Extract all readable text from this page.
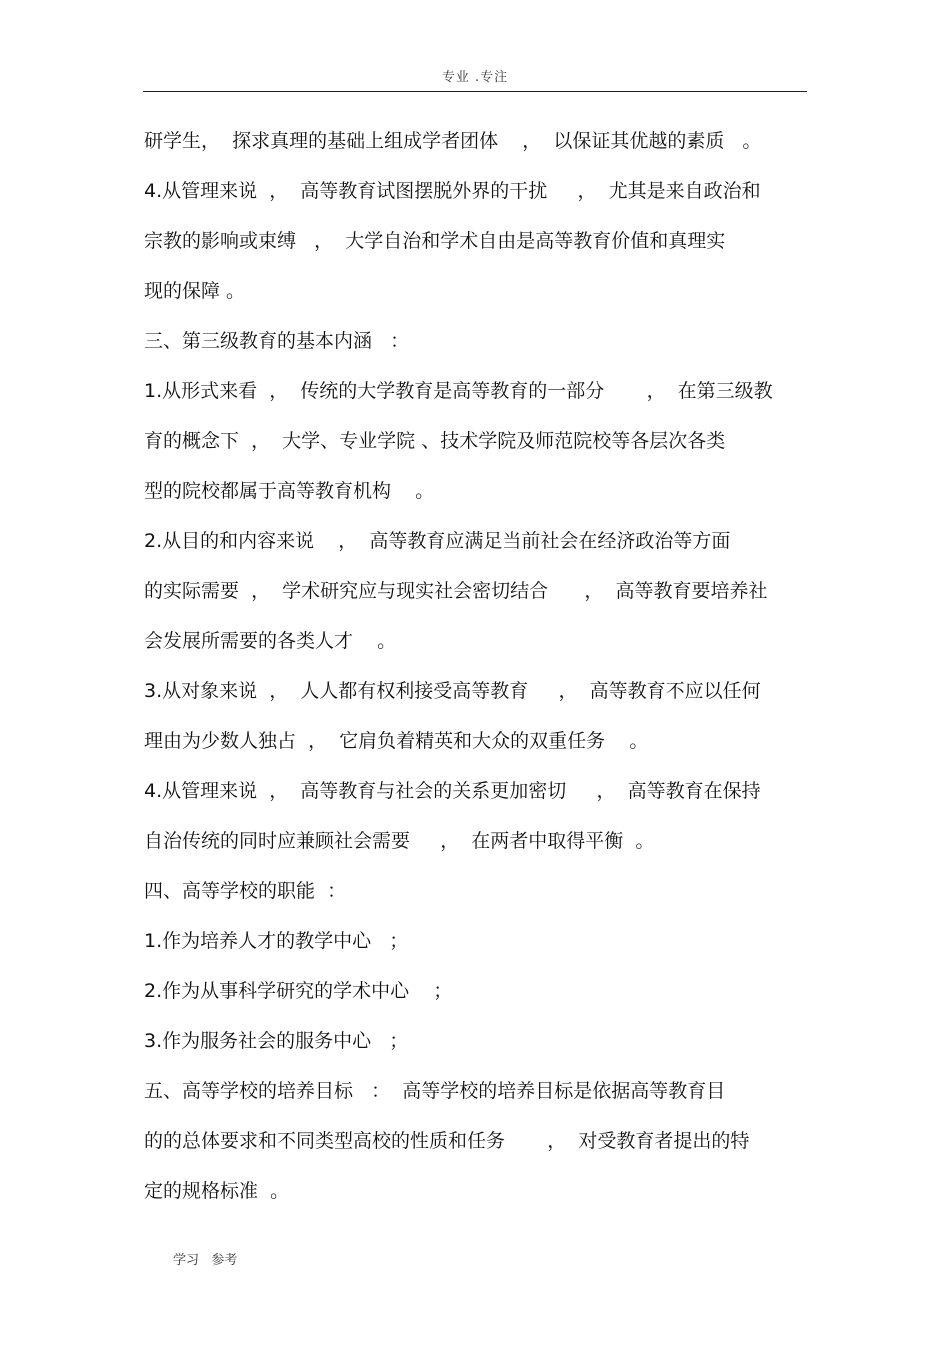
专业 .专注
研学生，  探求真理的基础上组成学者团体    ，  以保证其优越的素质   。
4.从管理来说  ，  高等教育试图摆脱外界的干扰     ，  尤其是来自政治和
宗教的影响或束缚   ，  大学自治和学术自由是高等教育价值和真理实
现的保障 。
三、第三级教育的基本内涵   ：
1.从形式来看  ，  传统的大学教育是高等教育的一部分       ，  在第三级教
育的概念下  ，  大学、专业学院 、技术学院及师范院校等各层次各类
型的院校都属于高等教育机构    。
2.从目的和内容来说    ，  高等教育应满足当前社会在经济政治等方面
的实际需要  ，  学术研究应与现实社会密切结合      ，  高等教育要培养社
会发展所需要的各类人才    。
3.从对象来说  ，  人人都有权利接受高等教育     ，  高等教育不应以任何
理由为少数人独占  ，  它肩负着精英和大众的双重任务    。
4.从管理来说  ，  高等教育与社会的关系更加密切     ，  高等教育在保持
自治传统的同时应兼顾社会需要     ，  在两者中取得平衡  。
四、高等学校的职能  ：
1.作为培养人才的教学中心   ；
2.作为从事科学研究的学术中心    ；
3.作为服务社会的服务中心   ；
五、高等学校的培养目标   ：  高等学校的培养目标是依据高等教育目
的的总体要求和不同类型高校的性质和任务       ，  对受教育者提出的特
定的规格标准  。
学习   参考
